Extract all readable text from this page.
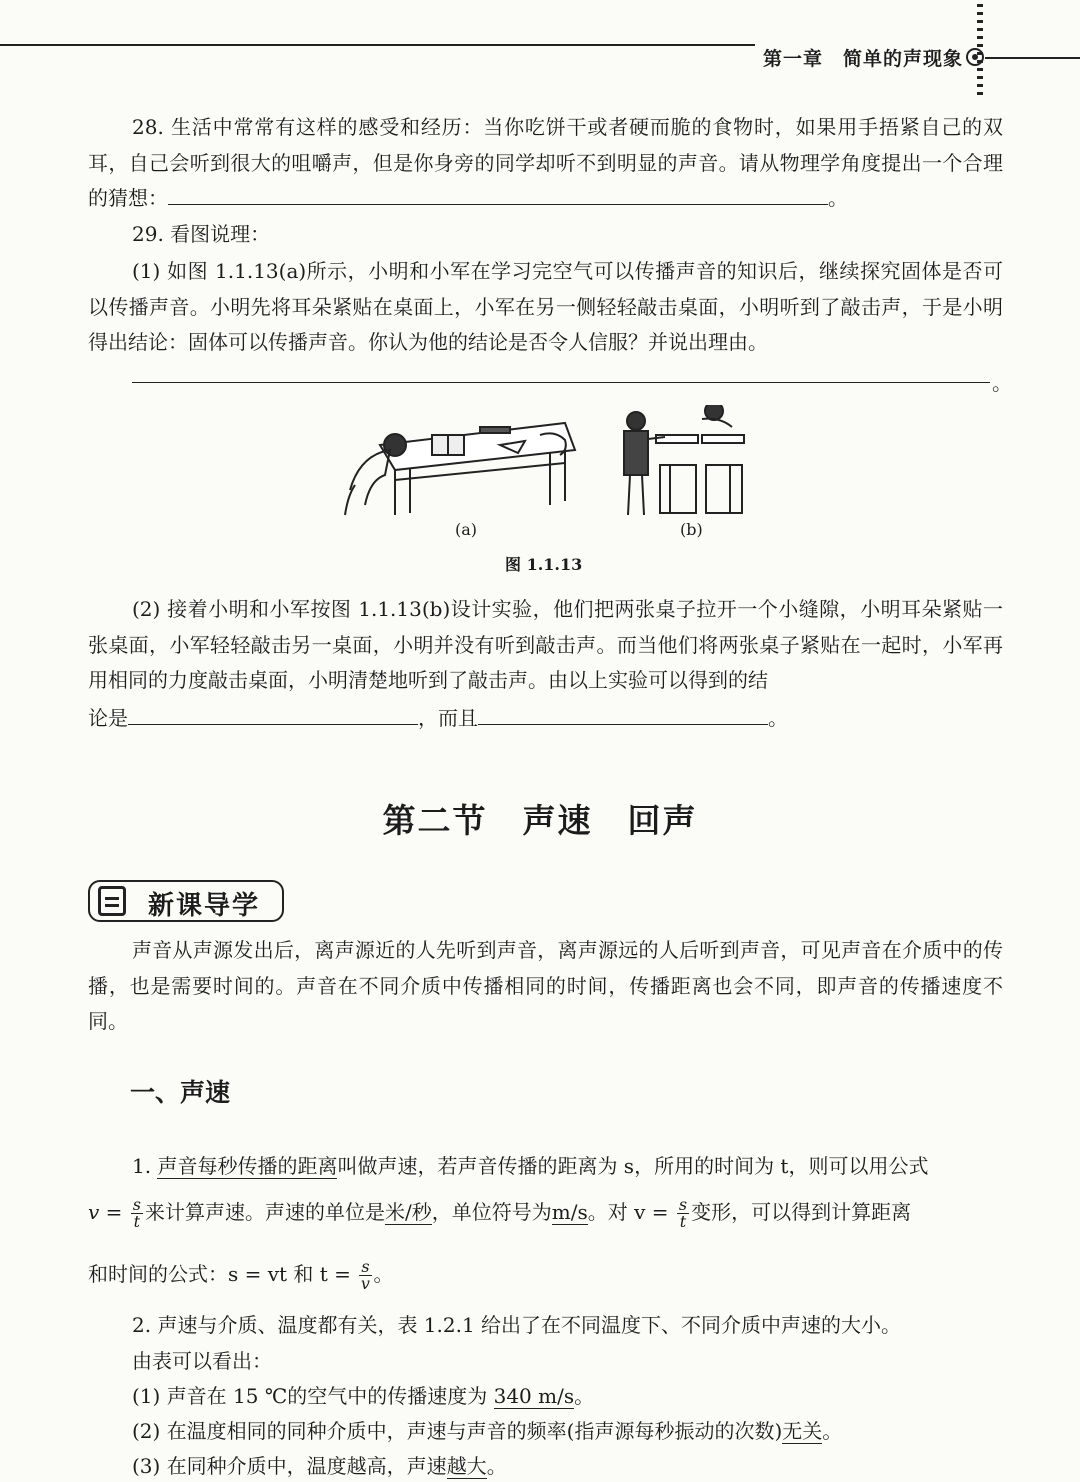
第一章　简单的声现象
28. 生活中常常有这样的感受和经历：当你吃饼干或者硬而脆的食物时，如果用手捂紧自己的双耳，自己会听到很大的咀嚼声，但是你身旁的同学却听不到明显的声音。请从物理学角度提出一个合理的猜想：	。
29. 看图说理：
(1) 如图 1.1.13(a)所示，小明和小军在学习完空气可以传播声音的知识后，继续探究固体是否可以传播声音。小明先将耳朵紧贴在桌面上，小军在另一侧轻轻敲击桌面，小明听到了敲击声，于是小明得出结论：固体可以传播声音。你认为他的结论是否令人信服？并说出理由。
。
(a)	(b)
图 1.1.13
(2) 接着小明和小军按图 1.1.13(b)设计实验，他们把两张桌子拉开一个小缝隙，小明耳朵紧贴一张桌面，小军轻轻敲击另一桌面，小明并没有听到敲击声。而当他们将两张桌子紧贴在一起时，小军再用相同的力度敲击桌面，小明清楚地听到了敲击声。由以上实验可以得到的结
论是	，而且	。
第二节　声速　回声
新课导学
声音从声源发出后，离声源近的人先听到声音，离声源远的人后听到声音，可见声音在介质中的传播，也是需要时间的。声音在不同介质中传播相同的时间，传播距离也会不同，即声音的传播速度不同。
一、声速
1. 声音每秒传播的距离叫做声速，若声音传播的距离为 s，所用的时间为 t，则可以用公式
$v = \frac{s}{t}$ 来计算声速。声速的单位是米/秒，单位符号为m/s。对 $v = \frac{s}{t}$ 变形，可以得到计算距离
和时间的公式：s = vt 和 $t = \frac{s}{v}$ 。
2. 声速与介质、温度都有关，表 1.2.1 给出了在不同温度下、不同介质中声速的大小。
由表可以看出：
(1) 声音在 15 ℃的空气中的传播速度为 340 m/s。
(2) 在温度相同的同种介质中，声速与声音的频率(指声源每秒振动的次数)无关。
(3) 在同种介质中，温度越高，声速越大。
